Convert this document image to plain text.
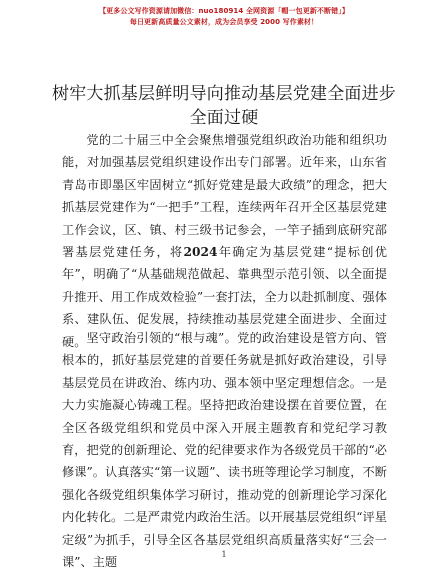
【更多公文写作资源请加微信：nuo180914 全网资源「帽一包更新不断错」】
每日更新高质量公文素材，成为会员享受 2000 写作素材！
树牢大抓基层鲜明导向推动基层党建全面进步
全面过硬

党的二十届三中全会聚焦增强党组织政治功能和组织功能，对加强基层党组织建设作出专门部署。近年来，山东省青岛市即墨区牢固树立“抓好党建是最大政绩”的理念，把大抓基层党建作为“一把手”工程，连续两年召开全区基层党建工作会议，区、镇、村三级书记参会，一竿子插到底研究部署基层党建任务，将2024年确定为基层党建“提标创优年”，明确了“从基础规范做起、靠典型示范引领、以全面提升推开、用工作成效检验”一套打法，全力以赴抓制度、强体系、建队伍、促发展，持续推动基层党建全面进步、全面过硬。 坚守政治引领的“根与魂”。党的政治建设是管方向、管根本的，抓好基层党建的首要任务就是抓好政治建设，引导基层党员在讲政治、练内功、强本领中坚定理想信念。一是大力实施凝心铸魂工程。坚持把政治建设摆在首要位置，在全区各级党组织和党员中深入开展主题教育和党纪学习教育，把党的创新理论、党的纪律要求作为各级党员干部的“必修课”。认真落实“第一议题”、读书班等理论学习制度，不断强化各级党组织集体学习研讨，推动党的创新理论学习深化内化转化。二是严肃党内政治生活。以开展基层党组织“评星定级”为抓手，引导全区各基层党组织高质量落实好“三会一课”、主题

1
